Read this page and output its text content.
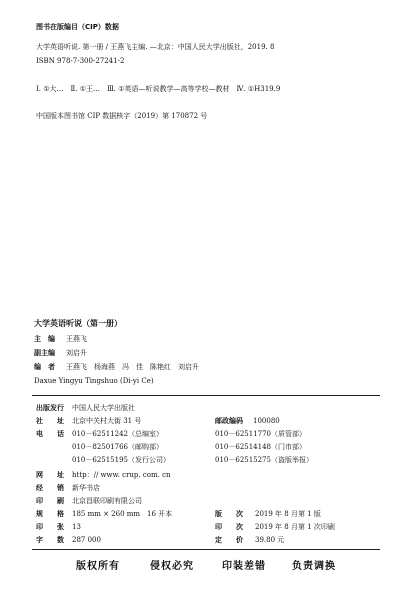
图书在版编目（CIP）数据
大学英语听说. 第一册 / 王燕飞主编. —北京：中国人民大学出版社，2019. 8
ISBN 978-7-300-27241-2
Ⅰ. ①大…　Ⅱ. ①王…　Ⅲ. ①英语—听说教学—高等学校—教材　Ⅳ. ①H319.9
中国版本图书馆 CIP 数据核字（2019）第 170872 号
大学英语听说（第一册）
主　编 王燕飞
副主编 刘启升
编　者 王燕飞　杨海燕　冯　佳　陈艳红　刘启升
Daxue Yingyu Tingshuo (Di-yi Ce)
出版发行 中国人民大学出版社
社　　址 北京中关村大街 31 号	邮政编码 100080
电　　话 010－62511242（总编室）	010－62511770（质管部）
010－82501766（邮购部）	010－62514148（门市部）
010－62515195（发行公司）	010－62515275（盗版举报）
网　　址 http：// www. crup. com. cn
经　　销 新华书店
印　　刷 北京昌联印刷有限公司
规　　格 185 mm × 260 mm　16 开本	版　　次 2019 年 8 月第 1 版
印　　张 13	印　　次 2019 年 8 月第 1 次印刷
字　　数 287 000	定　　价 39.80 元
版权所有	侵权必究	印装差错	负责调换
